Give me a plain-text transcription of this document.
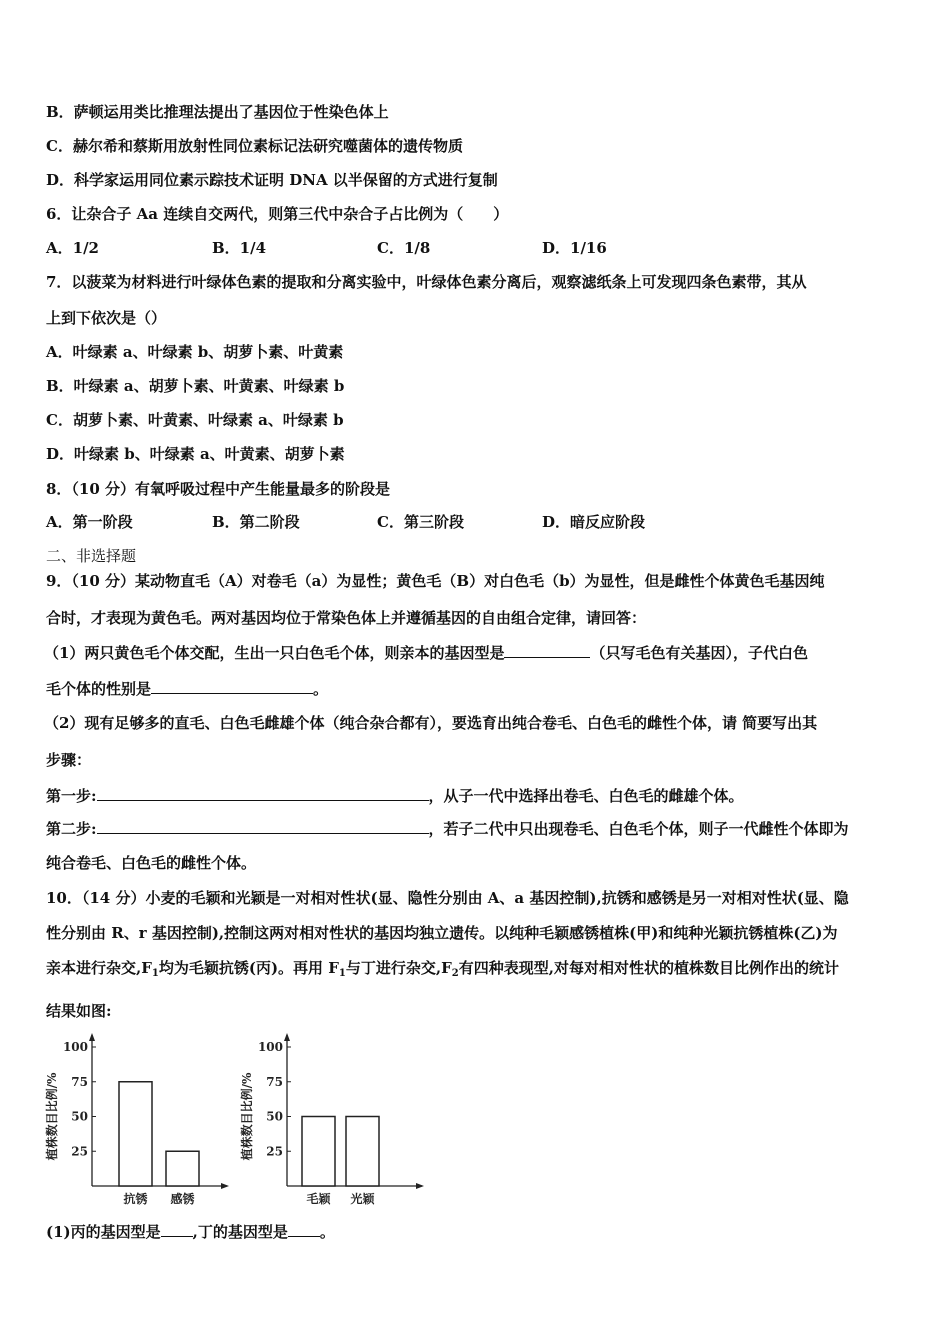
B．萨顿运用类比推理法提出了基因位于性染色体上
C．赫尔希和蔡斯用放射性同位素标记法研究噬菌体的遗传物质
D．科学家运用同位素示踪技术证明 DNA 以半保留的方式进行复制
6．让杂合子 Aa 连续自交两代，则第三代中杂合子占比例为（　　）
A．1/2	B．1/4	C．1/8	D．1/16
7．以菠菜为材料进行叶绿体色素的提取和分离实验中，叶绿体色素分离后，观察滤纸条上可发现四条色素带，其从
上到下依次是（）
A．叶绿素 a、叶绿素 b、胡萝卜素、叶黄素
B．叶绿素 a、胡萝卜素、叶黄素、叶绿素 b
C．胡萝卜素、叶黄素、叶绿素 a、叶绿素 b
D．叶绿素 b、叶绿素 a、叶黄素、胡萝卜素
8．（10 分）有氧呼吸过程中产生能量最多的阶段是
A．第一阶段	B．第二阶段	C．第三阶段	D．暗反应阶段
二、非选择题
9．（10 分）某动物直毛（A）对卷毛（a）为显性；黄色毛（B）对白色毛（b）为显性，但是雌性个体黄色毛基因纯
合时，才表现为黄色毛。两对基因均位于常染色体上并遵循基因的自由组合定律，请回答：
（1）两只黄色毛个体交配，生出一只白色毛个体，则亲本的基因型是	（只写毛色有关基因），子代白色
毛个体的性别是	。
（2）现有足够多的直毛、白色毛雌雄个体（纯合杂合都有），要选育出纯合卷毛、白色毛的雌性个体，请 简要写出其
步骤：
第一步:	，从子一代中选择出卷毛、白色毛的雌雄个体。
第二步:	，若子二代中只出现卷毛、白色毛个体，则子一代雌性个体即为
纯合卷毛、白色毛的雌性个体。
10．（14 分）小麦的毛颖和光颖是一对相对性状(显、隐性分别由 A、a 基因控制),抗锈和感锈是另一对相对性状(显、隐
性分别由 R、r 基因控制),控制这两对相对性状的基因均独立遗传。以纯种毛颖感锈植株(甲)和纯种光颖抗锈植株(乙)为
亲本进行杂交$,F_1$均为毛颖抗锈(丙)。再用 $F_1$与丁进行杂交$,F_2$有四种表现型,对每对相对性状的植株数目比例作出的统计
结果如图:
25
50
75
100
植株数目比例/%
抗锈 感锈
25
50
75
100
植株数目比例/%
毛颖 光颖
(1)丙的基因型是 ,丁的基因型是 。
